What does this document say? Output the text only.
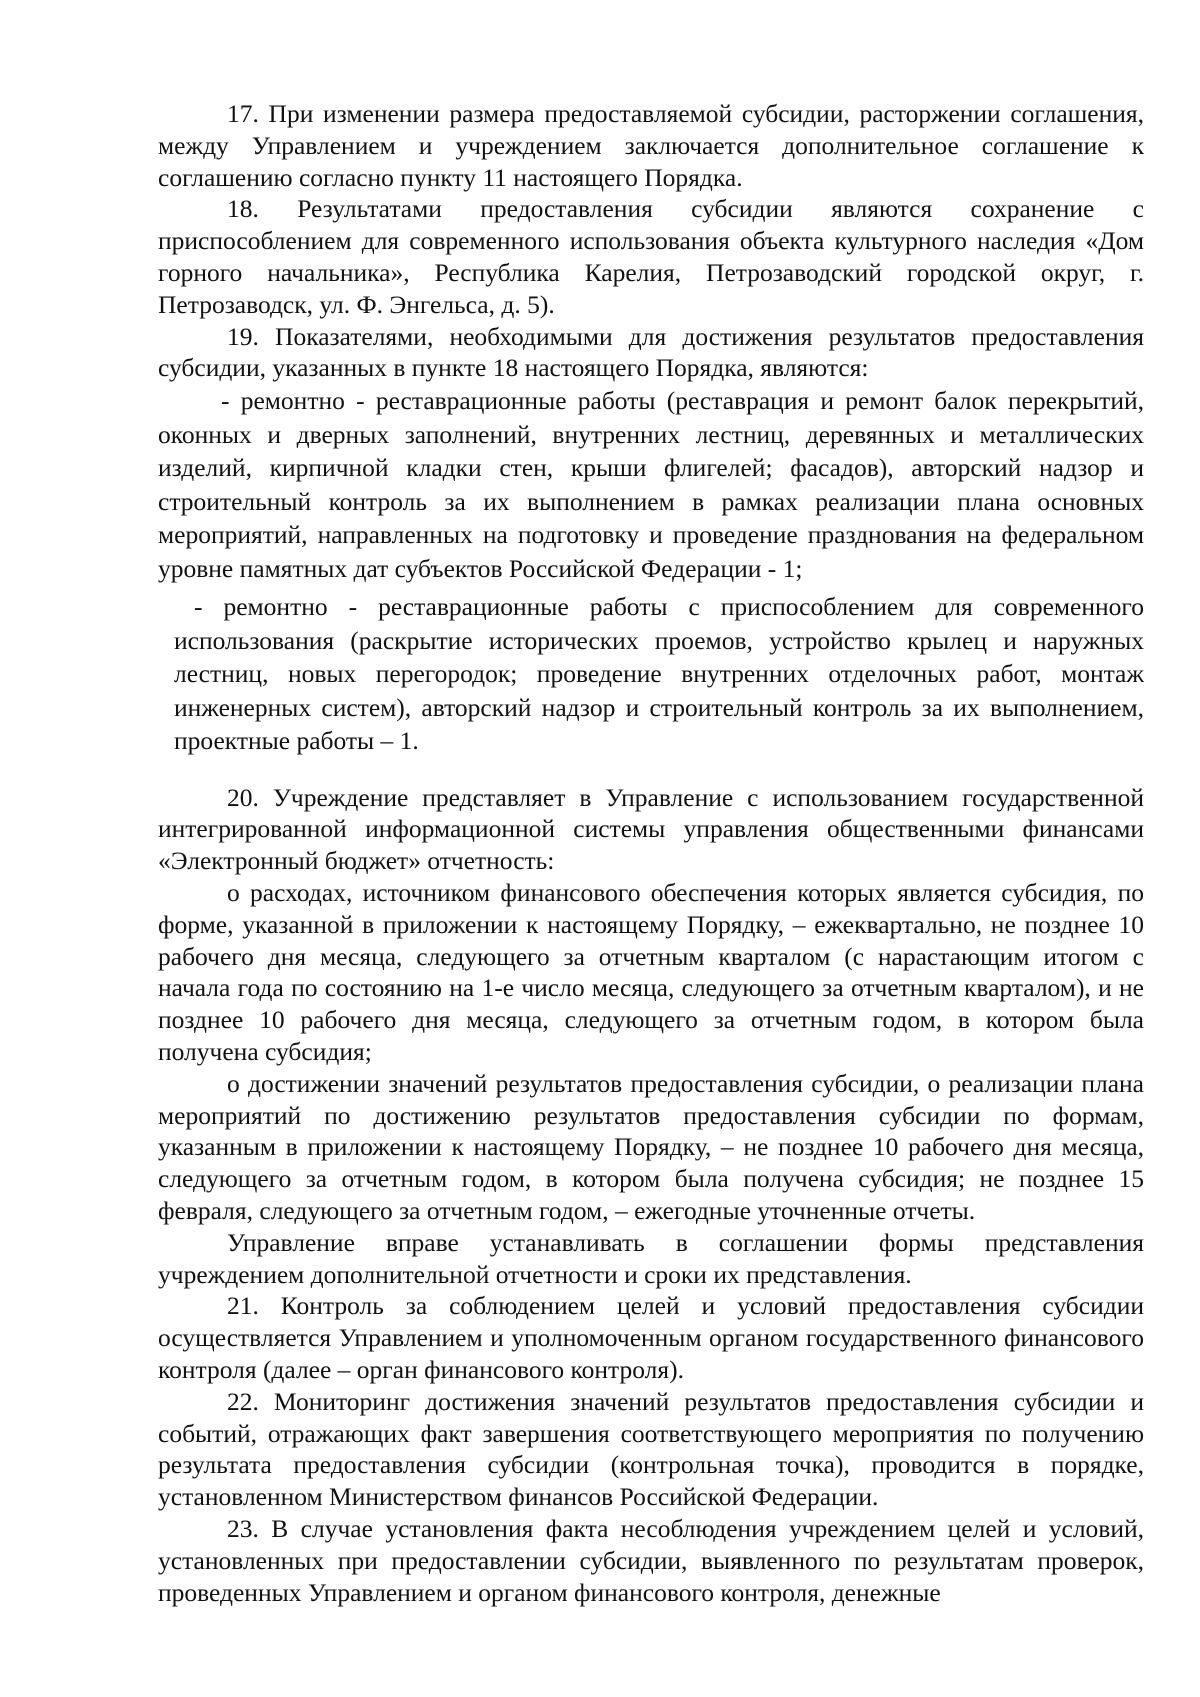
17. При изменении размера предоставляемой субсидии, расторжении соглашения, между Управлением и учреждением заключается дополнительное соглашение к соглашению согласно пункту 11 настоящего Порядка.

18. Результатами предоставления субсидии являются сохранение с приспособлением для современного использования объекта культурного наследия «Дом горного начальника», Республика Карелия, Петрозаводский городской округ, г. Петрозаводск, ул. Ф. Энгельса, д. 5).

19. Показателями, необходимыми для достижения результатов предоставления субсидии, указанных в пункте 18 настоящего Порядка, являются:

- ремонтно - реставрационные работы (реставрация и ремонт балок перекрытий, оконных и дверных заполнений, внутренних лестниц, деревянных и металлических изделий, кирпичной кладки стен, крыши флигелей; фасадов), авторский надзор и строительный контроль за их выполнением в рамках реализации плана основных мероприятий, направленных на подготовку и проведение празднования на федеральном уровне памятных дат субъектов Российской Федерации - 1;

- ремонтно - реставрационные работы с приспособлением для современного использования (раскрытие исторических проемов, устройство крылец и наружных лестниц, новых перегородок; проведение внутренних отделочных работ, монтаж инженерных систем), авторский надзор и строительный контроль за их выполнением, проектные работы – 1.

20. Учреждение представляет в Управление с использованием государственной интегрированной информационной системы управления общественными финансами «Электронный бюджет» отчетность:

о расходах, источником финансового обеспечения которых является субсидия, по форме, указанной в приложении к настоящему Порядку, – ежеквартально, не позднее 10 рабочего дня месяца, следующего за отчетным кварталом (с нарастающим итогом с начала года по состоянию на 1-е число месяца, следующего за отчетным кварталом), и не позднее 10 рабочего дня месяца, следующего за отчетным годом, в котором была получена субсидия;

о достижении значений результатов предоставления субсидии, о реализации плана мероприятий по достижению результатов предоставления субсидии по формам, указанным в приложении к настоящему Порядку, – не позднее 10 рабочего дня месяца, следующего за отчетным годом, в котором была получена субсидия; не позднее 15 февраля, следующего за отчетным годом, – ежегодные уточненные отчеты.

Управление вправе устанавливать в соглашении формы представления учреждением дополнительной отчетности и сроки их представления.

21. Контроль за соблюдением целей и условий предоставления субсидии осуществляется Управлением и уполномоченным органом государственного финансового контроля (далее – орган финансового контроля).

22. Мониторинг достижения значений результатов предоставления субсидии и событий, отражающих факт завершения соответствующего мероприятия по получению результата предоставления субсидии (контрольная точка), проводится в порядке, установленном Министерством финансов Российской Федерации.

23. В случае установления факта несоблюдения учреждением целей и условий, установленных при предоставлении субсидии, выявленного по результатам проверок, проведенных Управлением и органом финансового контроля, денежные
